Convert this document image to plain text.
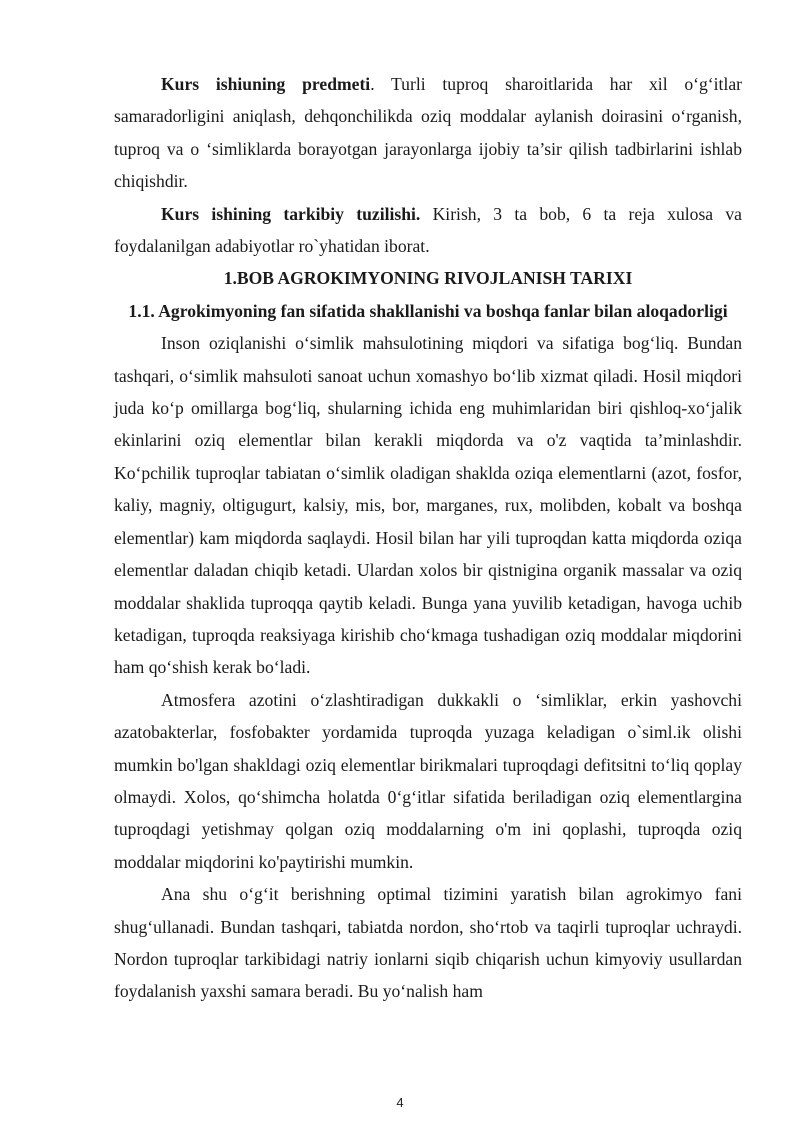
Kurs ishiuning predmeti. Turli tuproq sharoitlarida har xil o‘g‘itlar samaradorligini aniqlash, dehqonchilikda oziq moddalar aylanish doirasini o‘rganish, tuproq va o ‘simliklarda borayotgan jarayonlarga ijobiy ta’sir qilish tadbirlarini ishlab chiqishdir.

Kurs ishining tarkibiy tuzilishi. Kirish, 3 ta bob, 6 ta reja xulosa va foydalanilgan adabiyotlar ro`yhatidan iborat.

1.BOB AGROKIMYONING RIVOJLANISH TARIXI
1.1. Agrokimyoning fan sifatida shakllanishi va boshqa fanlar bilan aloqadorligi

Inson oziqlanishi o‘simlik mahsulotining miqdori va sifatiga bog‘liq. Bundan tashqari, o‘simlik mahsuloti sanoat uchun xomashyo bo‘lib xizmat qiladi. Hosil miqdori juda ko‘p omillarga bog‘liq, shularning ichida eng muhimlaridan biri qishloq-xo‘jalik ekinlarini oziq elementlar bilan kerakli miqdorda va o'z vaqtida ta’minlashdir. Ko‘pchilik tuproqlar tabiatan o‘simlik oladigan shaklda oziqa elementlarni (azot, fosfor, kaliy, magniy, oltigugurt, kalsiy, mis, bor, marganes, rux, molibden, kobalt va boshqa elementlar) kam miqdorda saqlaydi. Hosil bilan har yili tuproqdan katta miqdorda oziqa elementlar daladan chiqib ketadi. Ulardan xolos bir qistnigina organik massalar va oziq moddalar shaklida tuproqqa qaytib keladi. Bunga yana yuvilib ketadigan, havoga uchib ketadigan, tuproqda reaksiyaga kirishib cho‘kmaga tushadigan oziq moddalar miqdorini ham qo‘shish kerak bo‘ladi.

Atmosfera azotini o‘zlashtiradigan dukkakli o ‘simliklar, erkin yashovchi azatobakterlar, fosfobakter yordamida tuproqda yuzaga keladigan o`siml.ik olishi mumkin bo'lgan shakldagi oziq elementlar birikmalari tuproqdagi defitsitni to‘liq qoplay olmaydi. Xolos, qo‘shimcha holatda 0‘g‘itlar sifatida beriladigan oziq elementlargina tuproqdagi yetishmay qolgan oziq moddalarning o'm ini qoplashi, tuproqda oziq moddalar miqdorini ko'paytirishi mumkin.

Ana shu o‘g‘it berishning optimal tizimini yaratish bilan agrokimyo fani shug‘ullanadi. Bundan tashqari, tabiatda nordon, sho‘rtob va taqirli tuproqlar uchraydi. Nordon tuproqlar tarkibidagi natriy ionlarni siqib chiqarish uchun kimyoviy usullardan foydalanish yaxshi samara beradi. Bu yo‘nalish ham

4
